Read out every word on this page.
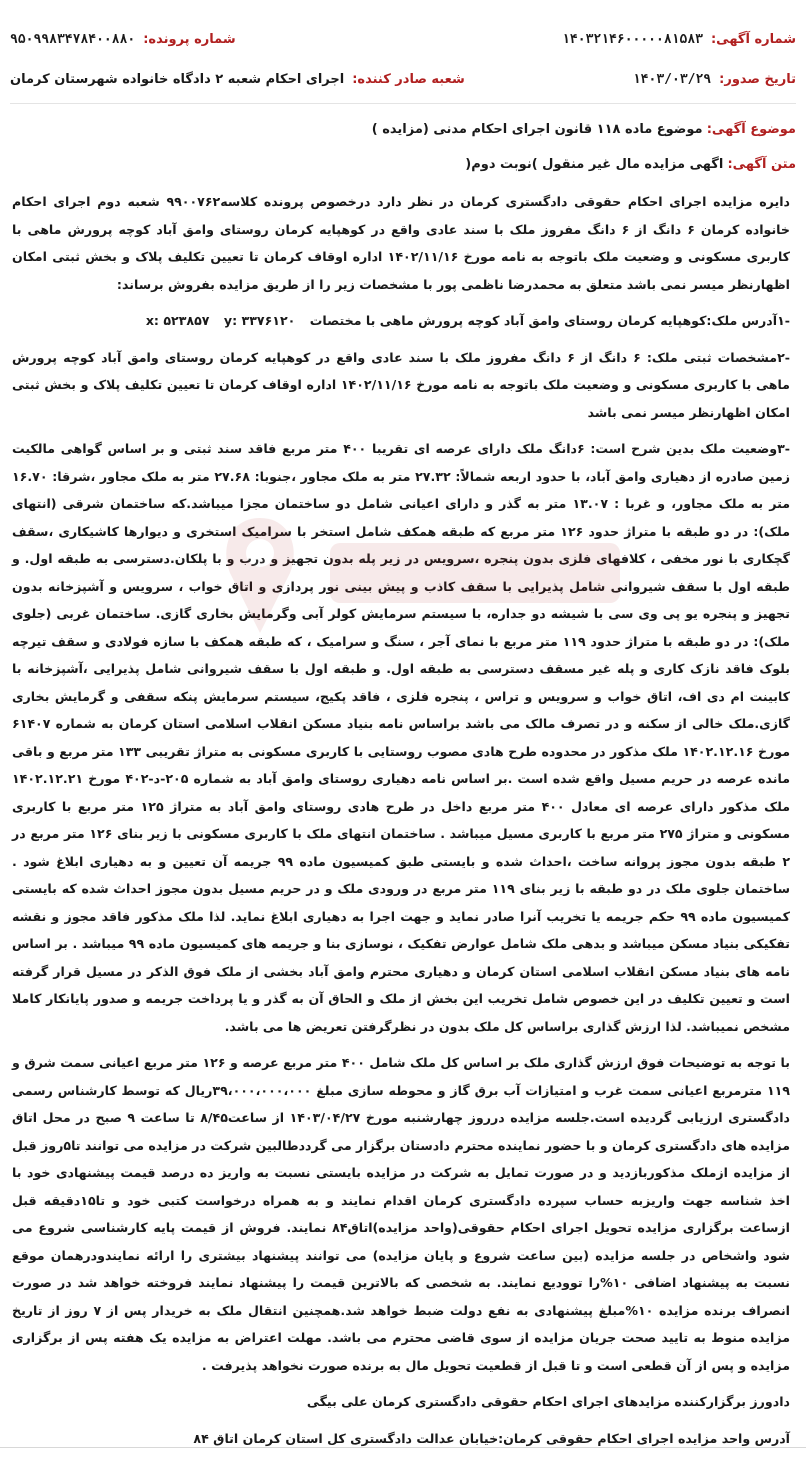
شماره آگهی:
۱۴۰۳۲۱۴۶۰۰۰۰۰۸۱۵۸۳
شماره پرونده:
۹۵۰۹۹۸۳۴۷۸۴۰۰۸۸۰
تاریخ صدور:
۱۴۰۳/۰۳/۲۹
شعبه صادر کننده:
اجرای احکام شعبه ۲ دادگاه خانواده شهرستان کرمان
موضوع آگهی: موضوع ماده ۱۱۸ قانون اجرای احکام مدنی (مزایده )
متن آگهی: اگهی مزایده مال غیر منقول )نوبت دوم(

دایره مزایده اجرای احکام حقوقی دادگستری کرمان در نظر دارد درخصوص پرونده کلاسه۹۹۰۰۷۶۲ شعبه دوم اجرای احکام خانواده کرمان ۶ دانگ از ۶ دانگ مفروز ملک با سند عادی واقع در کوهپایه کرمان روستای وامق آباد کوچه پرورش ماهی با کاربری مسکونی و وضعیت ملک باتوجه به نامه مورخ ۱۴۰۲/۱۱/۱۶ اداره اوقاف کرمان تا تعیین تکلیف پلاک و بخش ثبتی امکان اظهارنظر میسر نمی باشد متعلق به محمدرضا ناظمی پور با مشخصات زیر را از طریق مزایده بفروش برساند:

-۱آدرس ملک:کوهپایه کرمان روستای وامق آباد کوچه پرورش ماهی با مختصات y: ۳۳۷۶۱۲۰ x: ۵۲۳۸۵۷

-۲مشخصات ثبتی ملک: ۶ دانگ از ۶ دانگ مفروز ملک با سند عادی واقع در کوهپایه کرمان روستای وامق آباد کوچه پرورش ماهی با کاربری مسکونی و وضعیت ملک باتوجه به نامه مورخ ۱۴۰۲/۱۱/۱۶ اداره اوقاف کرمان تا تعیین تکلیف پلاک و بخش ثبتی امکان اظهارنظر میسر نمی باشد

-۳وضعیت ملک بدین شرح است: ۶دانگ ملک دارای عرصه ای تقریبا ۴۰۰ متر مربع فاقد سند ثبتی و بر اساس گواهی مالکیت زمین صادره از دهیاری وامق آباد، با حدود اربعه شمالاً: ۲۷.۳۲ متر به ملک مجاور ،جنوبا: ۲۷.۶۸ متر به ملک مجاور ،شرقا: ۱۶.۷۰ متر به ملک مجاور، و غربا : ۱۳.۰۷ متر به گذر و دارای اعیانی شامل دو ساختمان مجزا میباشد.که ساختمان شرقی (انتهای ملک): در دو طبقه با متراژ حدود ۱۲۶ متر مربع که طبقه همکف شامل استخر با سرامیک استخری و دیوارها کاشیکاری ،سقف گچکاری با نور مخفی ، کلافهای فلزی بدون پنجره ،سرویس در زیر پله بدون تجهیز و درب و با پلکان.دسترسی به طبقه اول. و طبقه اول با سقف شیروانی شامل پذیرایی با سقف کاذب و پیش بینی نور پردازی و اتاق خواب ، سرویس و آشپزخانه بدون تجهیز و پنجره یو پی وی سی با شیشه دو جداره، با سیستم سرمایش کولر آبی وگرمایش بخاری گازی. ساختمان غربی (جلوی ملک): در دو طبقه با متراژ حدود ۱۱۹ متر مربع با نمای آجر ، سنگ و سرامیک ، که طبقه همکف با سازه فولادی و سقف تیرچه بلوک فاقد نازک کاری و پله غیر مسقف دسترسی به طبقه اول. و طبقه اول با سقف شیروانی شامل پذیرایی ،آشپزخانه با کابینت ام دی اف، اتاق خواب و سرویس و تراس ، پنجره فلزی ، فاقد پکیج، سیستم سرمایش پنکه سقفی و گرمایش بخاری گازی.ملک خالی از سکنه و در تصرف مالک می باشد براساس نامه بنیاد مسکن انقلاب اسلامی استان کرمان به شماره ۶۱۴۰۷ مورخ ۱۴۰۲.۱۲.۱۶ ملک مذکور در محدوده طرح هادی مصوب روستایی با کاربری مسکونی به متراژ تقریبی ۱۳۳ متر مربع و باقی مانده عرصه در حریم مسیل واقع شده است .بر اساس نامه دهیاری روستای وامق آباد به شماره ۲۰۵-د-۴۰۲ مورخ ۱۴۰۲.۱۲.۲۱ ملک مذکور دارای عرصه ای معادل ۴۰۰ متر مربع داخل در طرح هادی روستای وامق آباد به متراژ ۱۲۵ متر مربع با کاربری مسکونی و متراژ ۲۷۵ متر مربع با کاربری مسیل میباشد . ساختمان انتهای ملک با کاربری مسکونی با زیر بنای ۱۲۶ متر مربع در ۲ طبقه بدون مجوز پروانه ساخت ،احداث شده و بایستی طبق کمیسیون ماده ۹۹ جریمه آن تعیین و به دهیاری ابلاغ شود . ساختمان جلوی ملک در دو طبقه با زیر بنای ۱۱۹ متر مربع در ورودی ملک و در حریم مسیل بدون مجوز احداث شده که بایستی کمیسیون ماده ۹۹ حکم جریمه یا تخریب آنرا صادر نماید و جهت اجرا به دهیاری ابلاغ نماید. لذا ملک مذکور فاقد مجوز و نقشه تفکیکی بنیاد مسکن میباشد و بدهی ملک شامل عوارض تفکیک ، نوسازی بنا و جریمه های کمیسیون ماده ۹۹ میباشد . بر اساس نامه های بنیاد مسکن انقلاب اسلامی استان کرمان و دهیاری محترم وامق آباد بخشی از ملک فوق الذکر در مسیل قرار گرفته است و تعیین تکلیف در این خصوص شامل تخریب این بخش از ملک و الحاق آن به گذر و یا پرداخت جریمه و صدور پایانکار کاملا مشخص نمیباشد. لذا ارزش گذاری براساس کل ملک بدون در نظرگرفتن تعریض ها می باشد.

با توجه به توضیحات فوق ارزش گذاری ملک بر اساس کل ملک شامل ۴۰۰ متر مربع عرصه و ۱۲۶ متر مربع اعیانی سمت شرق و ۱۱۹ مترمربع اعیانی سمت غرب و امتیازات آب برق گاز و محوطه سازی مبلغ ۳۹،۰۰۰،۰۰۰،۰۰۰ریال که توسط کارشناس رسمی دادگستری ارزیابی گردیده است.جلسه مزایده درروز چهارشنبه مورخ ۱۴۰۳/۰۴/۲۷ از ساعت۸/۴۵ تا ساعت ۹ صبح در محل اتاق مزایده های دادگستری کرمان و با حضور نماینده محترم دادستان برگزار می گرددطالبین شرکت در مزایده می توانند تا۵روز قبل از مزایده ازملک مذکوربازدید و در صورت تمایل به شرکت در مزایده بایستی نسبت به واریز ده درصد قیمت پیشنهادی خود با اخذ شناسه جهت واریزبه حساب سپرده دادگستری کرمان اقدام نمایند و به همراه درخواست کتبی خود و تا۱۵دقیقه قبل ازساعت برگزاری مزایده تحویل اجرای احکام حقوقی(واحد مزایده)اتاق۸۴ نمایند. فروش از قیمت پایه کارشناسی شروع می شود واشخاص در جلسه مزایده (بین ساعت شروع و پایان مزایده) می توانند پیشنهاد بیشتری را ارائه نمایندودرهمان موقع نسبت به پیشنهاد اضافی ۱۰%را توودیع نمایند. به شخصی که بالاترین قیمت را پیشنهاد نمایند فروخته خواهد شد در صورت انصراف برنده مزایده ۱۰%مبلغ پیشنهادی به نفع دولت ضبط خواهد شد.همچنین انتقال ملک به خریدار پس از ۷ روز از تاریخ مزایده منوط به تایید صحت جریان مزایده از سوی قاضی محترم می باشد. مهلت اعتراض به مزایده یک هفته پس از برگزاری مزایده و پس از آن قطعی است و تا قبل از قطعیت تحویل مال به برنده صورت نخواهد پذیرفت .

دادورز برگزارکننده مزایدهای اجرای احکام حقوقی دادگستری کرمان علی بیگی

آدرس واحد مزایده اجرای احکام حقوقی کرمان:خیابان عدالت دادگستری کل استان کرمان اتاق ۸۴
